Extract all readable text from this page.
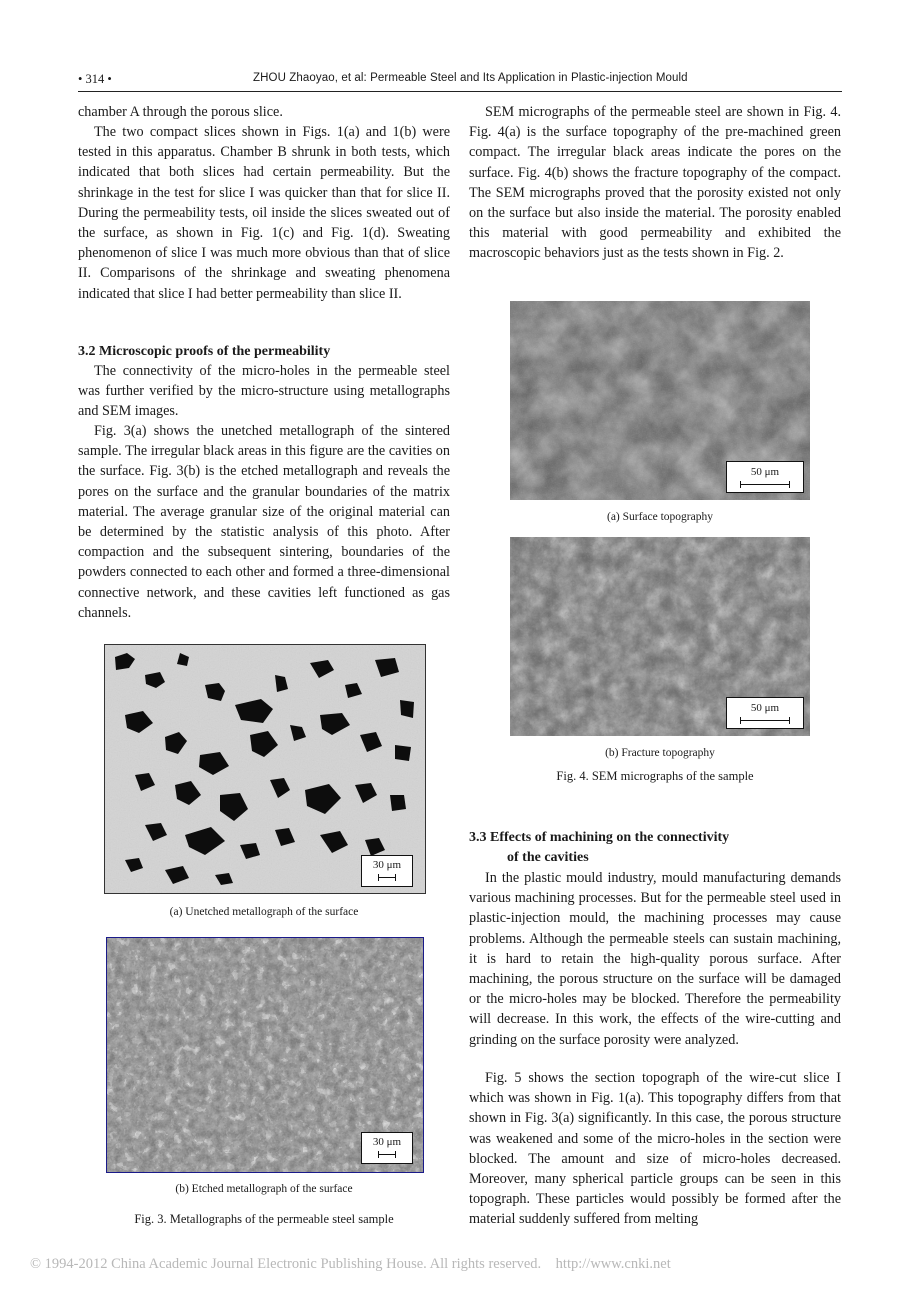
• 314 •	ZHOU Zhaoyao, et al: Permeable Steel and Its Application in Plastic-injection Mould
chamber A through the porous slice.
The two compact slices shown in Figs. 1(a) and 1(b) were tested in this apparatus. Chamber B shrunk in both tests, which indicated that both slices had certain permeability. But the shrinkage in the test for slice I was quicker than that for slice II. During the permeability tests, oil inside the slices sweated out of the surface, as shown in Fig. 1(c) and Fig. 1(d). Sweating phenomenon of slice I was much more obvious than that of slice II. Comparisons of the shrinkage and sweating phenomena indicated that slice I had better permeability than slice II.
3.2 Microscopic proofs of the permeability
The connectivity of the micro-holes in the permeable steel was further verified by the micro-structure using metallographs and SEM images.
Fig. 3(a) shows the unetched metallograph of the sintered sample. The irregular black areas in this figure are the cavities on the surface. Fig. 3(b) is the etched metallograph and reveals the pores on the surface and the granular boundaries of the matrix material. The average granular size of the original material can be determined by the statistic analysis of this photo. After compaction and the subsequent sintering, boundaries of the powders connected to each other and formed a three-dimensional connective network, and these cavities left functioned as gas channels.
30 μm
(a) Unetched metallograph of the surface
30 μm
(b) Etched metallograph of the surface
Fig. 3. Metallographs of the permeable steel sample
SEM micrographs of the permeable steel are shown in Fig. 4. Fig. 4(a) is the surface topography of the pre-machined green compact. The irregular black areas indicate the pores on the surface. Fig. 4(b) shows the fracture topography of the compact. The SEM micrographs proved that the porosity existed not only on the surface but also inside the material. The porosity enabled this material with good permeability and exhibited the macroscopic behaviors just as the tests shown in Fig. 2.
50 μm
(a) Surface topography
50 μm
(b) Fracture topography
Fig. 4. SEM micrographs of the sample
3.3 Effects of machining on the connectivity
of the cavities
In the plastic mould industry, mould manufacturing demands various machining processes. But for the permeable steel used in plastic-injection mould, the machining processes may cause problems. Although the permeable steels can sustain machining, it is hard to retain the high-quality porous surface. After machining, the porous structure on the surface will be damaged or the micro-holes may be blocked. Therefore the permeability will decrease. In this work, the effects of the wire-cutting and grinding on the surface porosity were analyzed.
Fig. 5 shows the section topograph of the wire-cut slice I which was shown in Fig. 1(a). This topography differs from that shown in Fig. 3(a) significantly. In this case, the porous structure was weakened and some of the micro-holes in the section were blocked. The amount and size of micro-holes decreased. Moreover, many spherical particle groups can be seen in this topograph. These particles would possibly be formed after the material suddenly suffered from melting
© 1994-2012 China Academic Journal Electronic Publishing House. All rights reserved.    http://www.cnki.net
